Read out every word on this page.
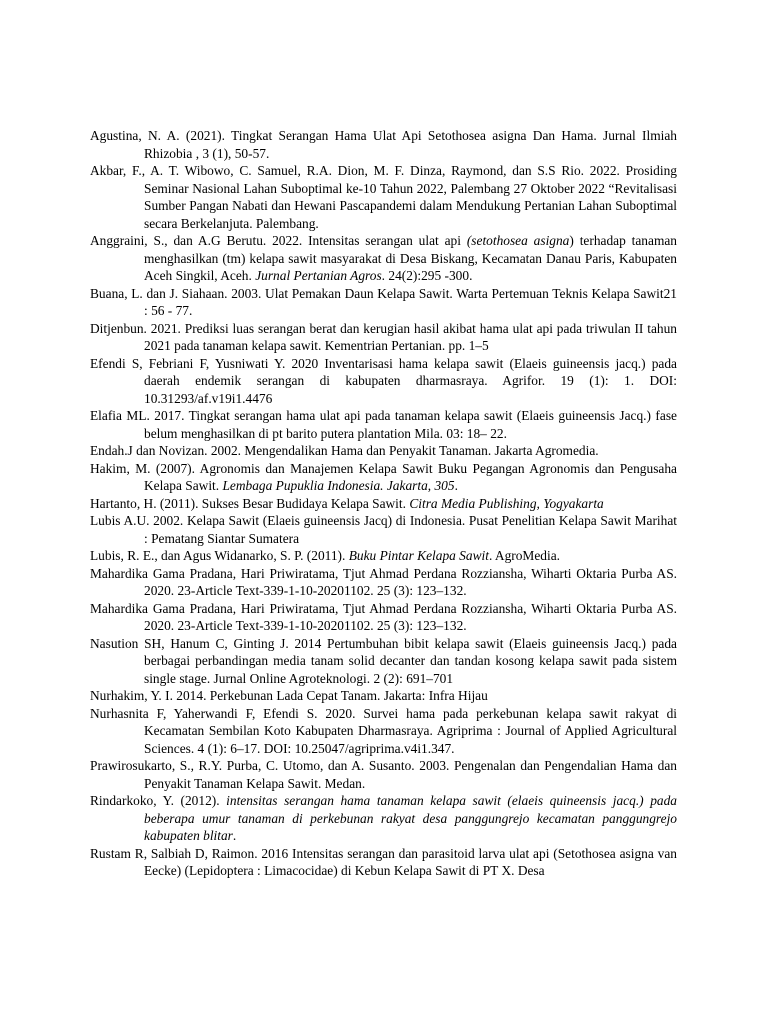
Agustina, N. A. (2021). Tingkat Serangan Hama Ulat Api Setothosea asigna Dan Hama. Jurnal Ilmiah Rhizobia , 3 (1), 50-57.

Akbar, F., A. T. Wibowo, C. Samuel, R.A. Dion, M. F. Dinza, Raymond, dan S.S Rio. 2022. Prosiding Seminar Nasional Lahan Suboptimal ke-10 Tahun 2022, Palembang 27 Oktober 2022 “Revitalisasi Sumber Pangan Nabati dan Hewani Pascapandemi dalam Mendukung Pertanian Lahan Suboptimal secara Berkelanjuta. Palembang.

Anggraini, S., dan A.G Berutu. 2022. Intensitas serangan ulat api (setothosea asigna) terhadap tanaman menghasilkan (tm) kelapa sawit masyarakat di Desa Biskang, Kecamatan Danau Paris, Kabupaten Aceh Singkil, Aceh. Jurnal Pertanian Agros. 24(2):295 -300.

Buana, L. dan J. Siahaan. 2003. Ulat Pemakan Daun Kelapa Sawit. Warta Pertemuan Teknis Kelapa Sawit21 : 56 - 77.

Ditjenbun. 2021. Prediksi luas serangan berat dan kerugian hasil akibat hama ulat api pada triwulan II tahun 2021 pada tanaman kelapa sawit. Kementrian Pertanian. pp. 1–5

Efendi S, Febriani F, Yusniwati Y. 2020 Inventarisasi hama kelapa sawit (Elaeis guineensis jacq.) pada daerah endemik serangan di kabupaten dharmasraya. Agrifor. 19 (1): 1. DOI: 10.31293/af.v19i1.4476

Elafia ML. 2017. Tingkat serangan hama ulat api pada tanaman kelapa sawit (Elaeis guineensis Jacq.) fase belum menghasilkan di pt barito putera plantation Mila. 03: 18– 22.

Endah.J dan Novizan. 2002. Mengendalikan Hama dan Penyakit Tanaman. Jakarta Agromedia.

Hakim, M. (2007). Agronomis dan Manajemen Kelapa Sawit Buku Pegangan Agronomis dan Pengusaha Kelapa Sawit. Lembaga Pupuklia Indonesia. Jakarta, 305.

Hartanto, H. (2011). Sukses Besar Budidaya Kelapa Sawit. Citra Media Publishing, Yogyakarta

Lubis A.U. 2002. Kelapa Sawit (Elaeis guineensis Jacq) di Indonesia. Pusat Penelitian Kelapa Sawit Marihat : Pematang Siantar Sumatera

Lubis, R. E., dan Agus Widanarko, S. P. (2011). Buku Pintar Kelapa Sawit. AgroMedia.

Mahardika Gama Pradana, Hari Priwiratama, Tjut Ahmad Perdana Rozziansha, Wiharti Oktaria Purba AS. 2020. 23-Article Text-339-1-10-20201102. 25 (3): 123–132.

Mahardika Gama Pradana, Hari Priwiratama, Tjut Ahmad Perdana Rozziansha, Wiharti Oktaria Purba AS. 2020. 23-Article Text-339-1-10-20201102. 25 (3): 123–132.

Nasution SH, Hanum C, Ginting J. 2014 Pertumbuhan bibit kelapa sawit (Elaeis guineensis Jacq.) pada berbagai perbandingan media tanam solid decanter dan tandan kosong kelapa sawit pada sistem single stage. Jurnal Online Agroteknologi. 2 (2): 691–701

Nurhakim, Y. I. 2014. Perkebunan Lada Cepat Tanam. Jakarta: Infra Hijau

Nurhasnita F, Yaherwandi F, Efendi S. 2020. Survei hama pada perkebunan kelapa sawit rakyat di Kecamatan Sembilan Koto Kabupaten Dharmasraya. Agriprima : Journal of Applied Agricultural Sciences. 4 (1): 6–17. DOI: 10.25047/agriprima.v4i1.347.

Prawirosukarto, S., R.Y. Purba, C. Utomo, dan A. Susanto. 2003. Pengenalan dan Pengendalian Hama dan Penyakit Tanaman Kelapa Sawit. Medan.

Rindarkoko, Y. (2012). intensitas serangan hama tanaman kelapa sawit (elaeis quineensis jacq.) pada beberapa umur tanaman di perkebunan rakyat desa panggungrejo kecamatan panggungrejo kabupaten blitar.

Rustam R, Salbiah D, Raimon. 2016 Intensitas serangan dan parasitoid larva ulat api (Setothosea asigna van Eecke) (Lepidoptera : Limacocidae) di Kebun Kelapa Sawit di PT X. Desa
